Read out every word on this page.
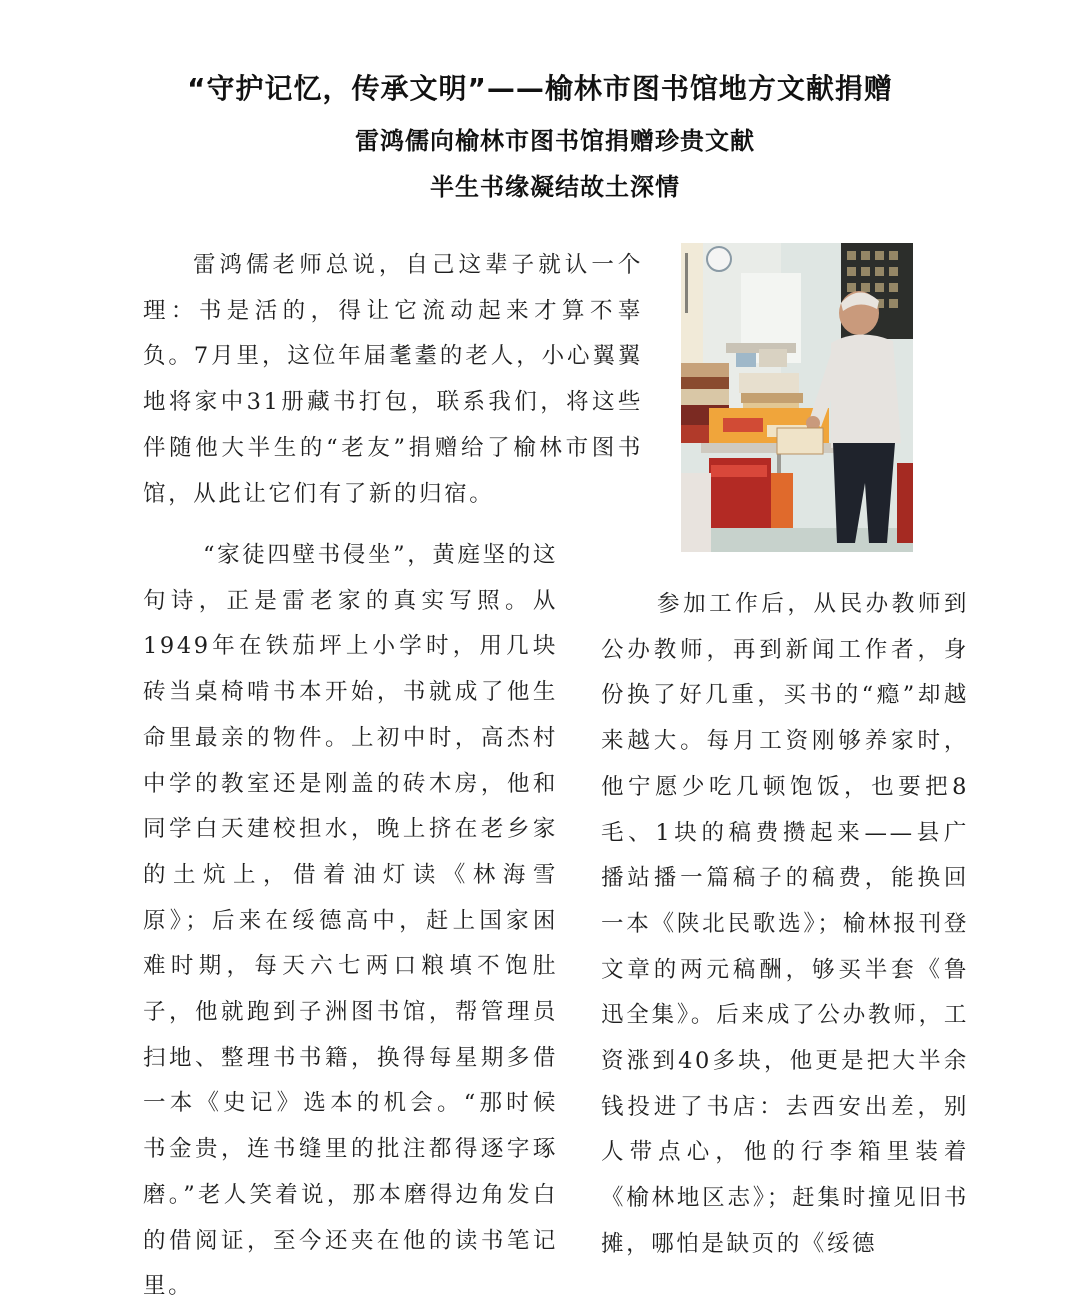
“守护记忆，传承文明”——榆林市图书馆地方文献捐赠
雷鸿儒向榆林市图书馆捐赠珍贵文献
半生书缘凝结故土深情

雷鸿儒老师总说，自己这辈子就认一个理：书是活的，得让它流动起来才算不辜负。7月里，这位年届耄耋的老人，小心翼翼地将家中31册藏书打包，联系我们，将这些伴随他大半生的“老友”捐赠给了榆林市图书馆，从此让它们有了新的归宿。

“家徒四壁书侵坐”，黄庭坚的这句诗，正是雷老家的真实写照。从1949年在铁茄坪上小学时，用几块砖当桌椅啃书本开始，书就成了他生命里最亲的物件。上初中时，高杰村中学的教室还是刚盖的砖木房，他和同学白天建校担水，晚上挤在老乡家的土炕上，借着油灯读《林海雪原》；后来在绥德高中，赶上国家困难时期，每天六七两口粮填不饱肚子，他就跑到子洲图书馆，帮管理员扫地、整理书书籍，换得每星期多借一本《史记》选本的机会。“那时候书金贵，连书缝里的批注都得逐字琢磨。”老人笑着说，那本磨得边角发白的借阅证，至今还夹在他的读书笔记里。

参加工作后，从民办教师到公办教师，再到新闻工作者，身份换了好几重，买书的“瘾”却越来越大。每月工资刚够养家时，他宁愿少吃几顿饱饭，也要把8毛、1块的稿费攒起来——县广播站播一篇稿子的稿费，能换回一本《陕北民歌选》；榆林报刊登文章的两元稿酬，够买半套《鲁迅全集》。后来成了公办教师，工资涨到40多块，他更是把大半余钱投进了书店：去西安出差，别人带点心，他的行李箱里装着《榆林地区志》；赶集时撞见旧书摊，哪怕是缺页的《绥德
